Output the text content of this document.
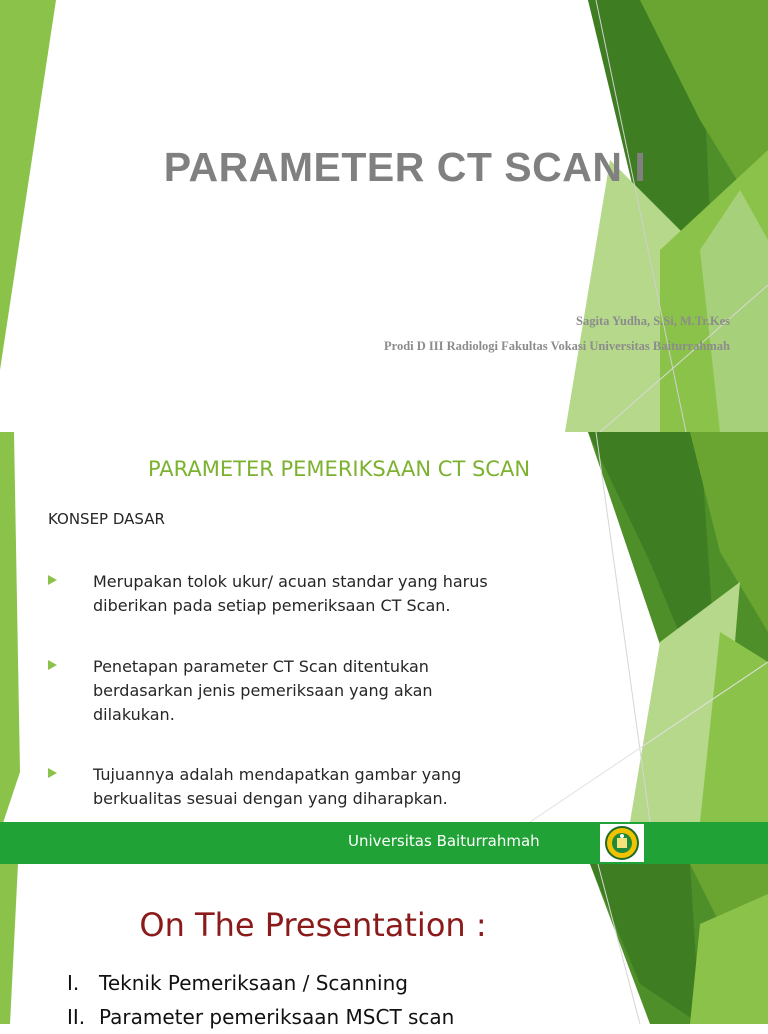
PARAMETER CT SCAN I

Sagita Yudha, S.Si, M.Tr.Kes

Prodi D III Radiologi Fakultas Vokasi Universitas Baiturrahmah

PARAMETER PEMERIKSAAN CT SCAN
KONSEP DASAR
Merupakan tolok ukur/ acuan standar yang harus
diberikan pada setiap pemeriksaan CT Scan.
Penetapan parameter CT Scan ditentukan
berdasarkan jenis pemeriksaan yang akan
dilakukan.
Tujuannya adalah mendapatkan gambar yang
berkualitas sesuai dengan yang diharapkan.
Universitas Baiturrahmah
On The Presentation :
I. Teknik Pemeriksaan / Scanning
II. Parameter pemeriksaan MSCT scan
